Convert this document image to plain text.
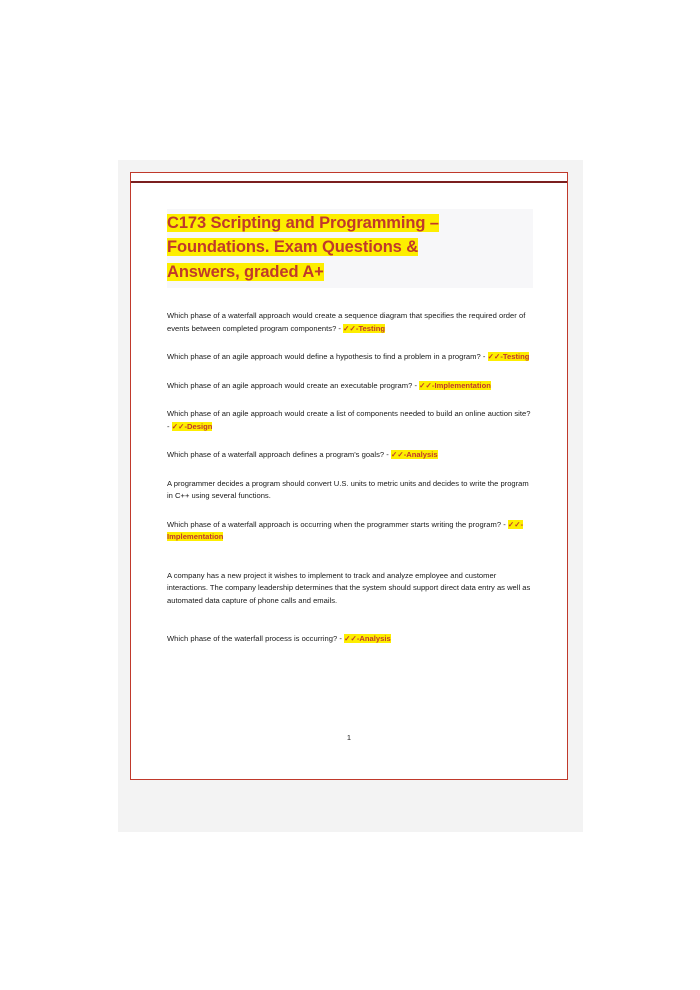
C173 Scripting and Programming –
Foundations. Exam Questions &
Answers, graded A+
Which phase of a waterfall approach would create a sequence diagram that specifies the required order of events between completed program components? - ✓✓-Testing
Which phase of an agile approach would define a hypothesis to find a problem in a program? - ✓✓-Testing
Which phase of an agile approach would create an executable program? - ✓✓-Implementation
Which phase of an agile approach would create a list of components needed to build an online auction site? - ✓✓-Design
Which phase of a waterfall approach defines a program's goals? - ✓✓-Analysis
A programmer decides a program should convert U.S. units to metric units and decides to write the program in C++ using several functions.
Which phase of a waterfall approach is occurring when the programmer starts writing the program? - ✓✓-Implementation
A company has a new project it wishes to implement to track and analyze employee and customer interactions. The company leadership determines that the system should support direct data entry as well as automated data capture of phone calls and emails.
Which phase of the waterfall process is occurring? - ✓✓-Analysis
1
